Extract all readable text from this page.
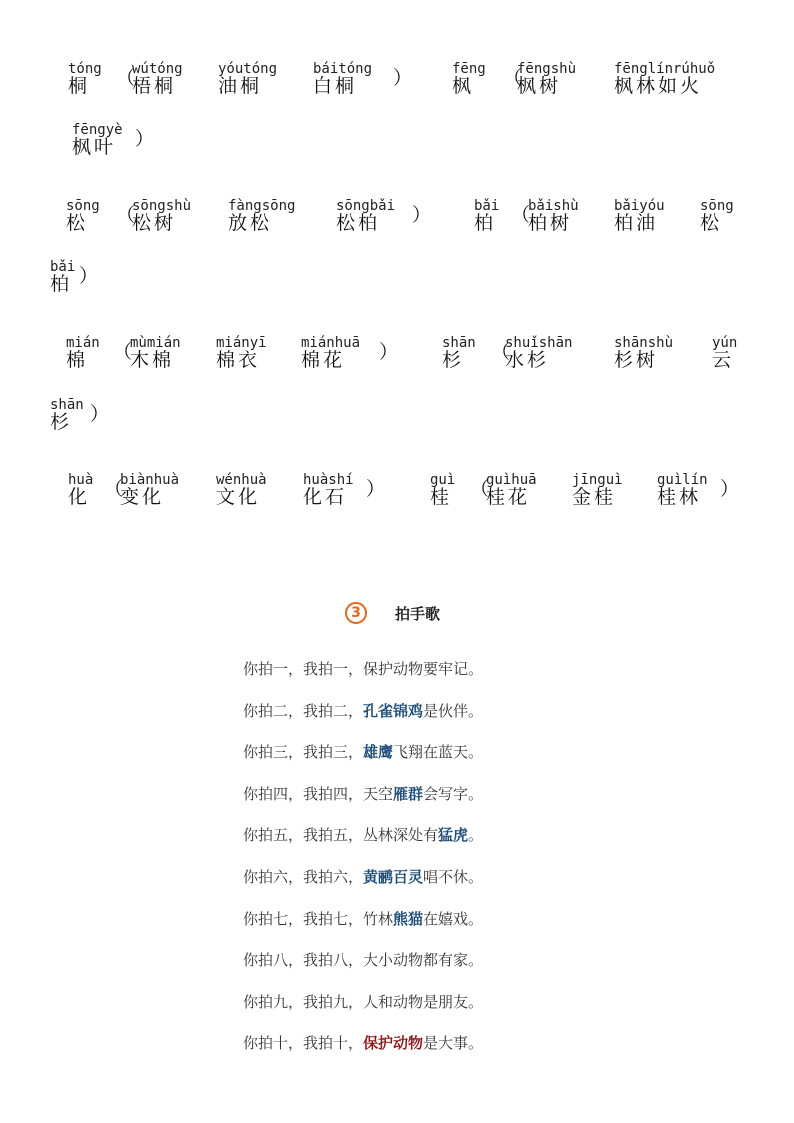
tóng
桐 （
wútóng
梧桐
yóutóng
油桐
báitóng
白桐 ）	fēng
枫 （
fēngshù
枫树
fēnglínrúhuǒ
枫林如火
fēngyè
枫叶 ）
sōng
松 （
sōngshù
松树
fàngsōng
放松
sōngbǎi
松柏 ）	bǎi
柏 （
bǎishù
柏树
bǎiyóu
柏油
sōng
松
bǎi
柏 ）
mián
棉 （
mùmián
木棉
miányī
棉衣
miánhuā
棉花 ）	shān
杉 （
shuǐshān
水杉
shānshù
杉树
yún
云
shān
杉 ）
huà
化 （
biànhuà
变化
wénhuà
文化
huàshí
化石 ）	guì
桂 （
guìhuā
桂花
jīnguì
金桂
guìlín
桂林 ）
3	拍手歌
你拍一，我拍一，保护动物要牢记。
你拍二，我拍二，孔雀锦鸡是伙伴。
你拍三，我拍三，雄鹰飞翔在蓝天。
你拍四，我拍四，天空雁群会写字。
你拍五，我拍五，丛林深处有猛虎。
你拍六，我拍六，黄鹂百灵唱不休。
你拍七，我拍七，竹林熊猫在嬉戏。
你拍八，我拍八，大小动物都有家。
你拍九，我拍九，人和动物是朋友。
你拍十，我拍十，保护动物是大事。
